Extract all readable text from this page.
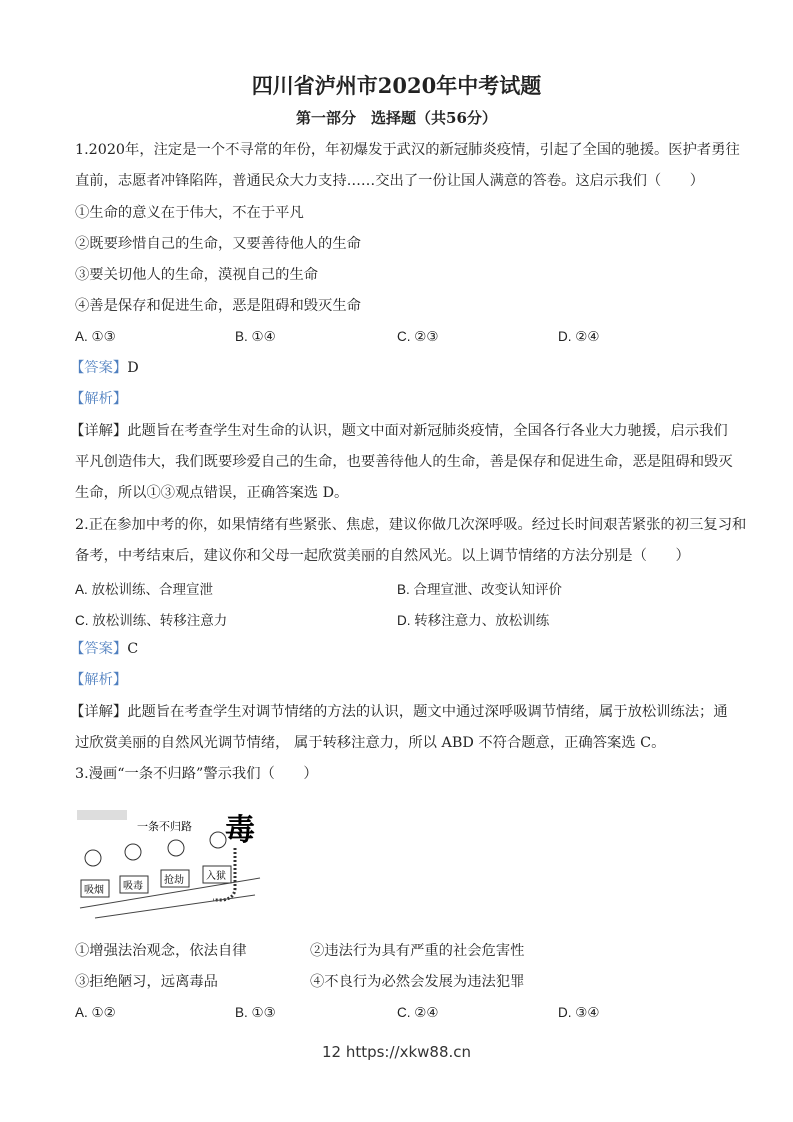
四川省泸州市2020年中考试题
第一部分　选择题（共56分）
1.2020年，注定是一个不寻常的年份，年初爆发于武汉的新冠肺炎疫情，引起了全国的驰援。医护者勇往
直前，志愿者冲锋陷阵，普通民众大力支持……交出了一份让国人满意的答卷。这启示我们（　　）
①生命的意义在于伟大，不在于平凡
②既要珍惜自己的生命，又要善待他人的生命
③要关切他人的生命，漠视自己的生命
④善是保存和促进生命，恶是阻碍和毁灭生命
A. ①③	B. ①④	C. ②③	D. ②④
【答案】D
【解析】
【详解】此题旨在考查学生对生命的认识，题文中面对新冠肺炎疫情，全国各行各业大力驰援，启示我们
平凡创造伟大，我们既要珍爱自己的生命，也要善待他人的生命，善是保存和促进生命，恶是阻碍和毁灭
生命，所以①③观点错误，正确答案选 D。
2.正在参加中考的你，如果情绪有些紧张、焦虑，建议你做几次深呼吸。经过长时间艰苦紧张的初三复习和
备考，中考结束后，建议你和父母一起欣赏美丽的自然风光。以上调节情绪的方法分别是（　　）
A. 放松训练、合理宣泄	B. 合理宣泄、改变认知评价
C. 放松训练、转移注意力	D. 转移注意力、放松训练
【答案】C
【解析】
【详解】此题旨在考查学生对调节情绪的方法的认识，题文中通过深呼吸调节情绪，属于放松训练法；通
过欣赏美丽的自然风光调节情绪， 属于转移注意力，所以 ABD 不符合题意，正确答案选 C。
3.漫画“一条不归路”警示我们（　　）
一条不归路 毒
吸烟 吸毒
抢劫 入狱
①增强法治观念，依法自律	②违法行为具有严重的社会危害性
③拒绝陋习，远离毒品	④不良行为必然会发展为违法犯罪
A. ①②	B. ①③	C. ②④	D. ③④
12 https://xkw88.cn
